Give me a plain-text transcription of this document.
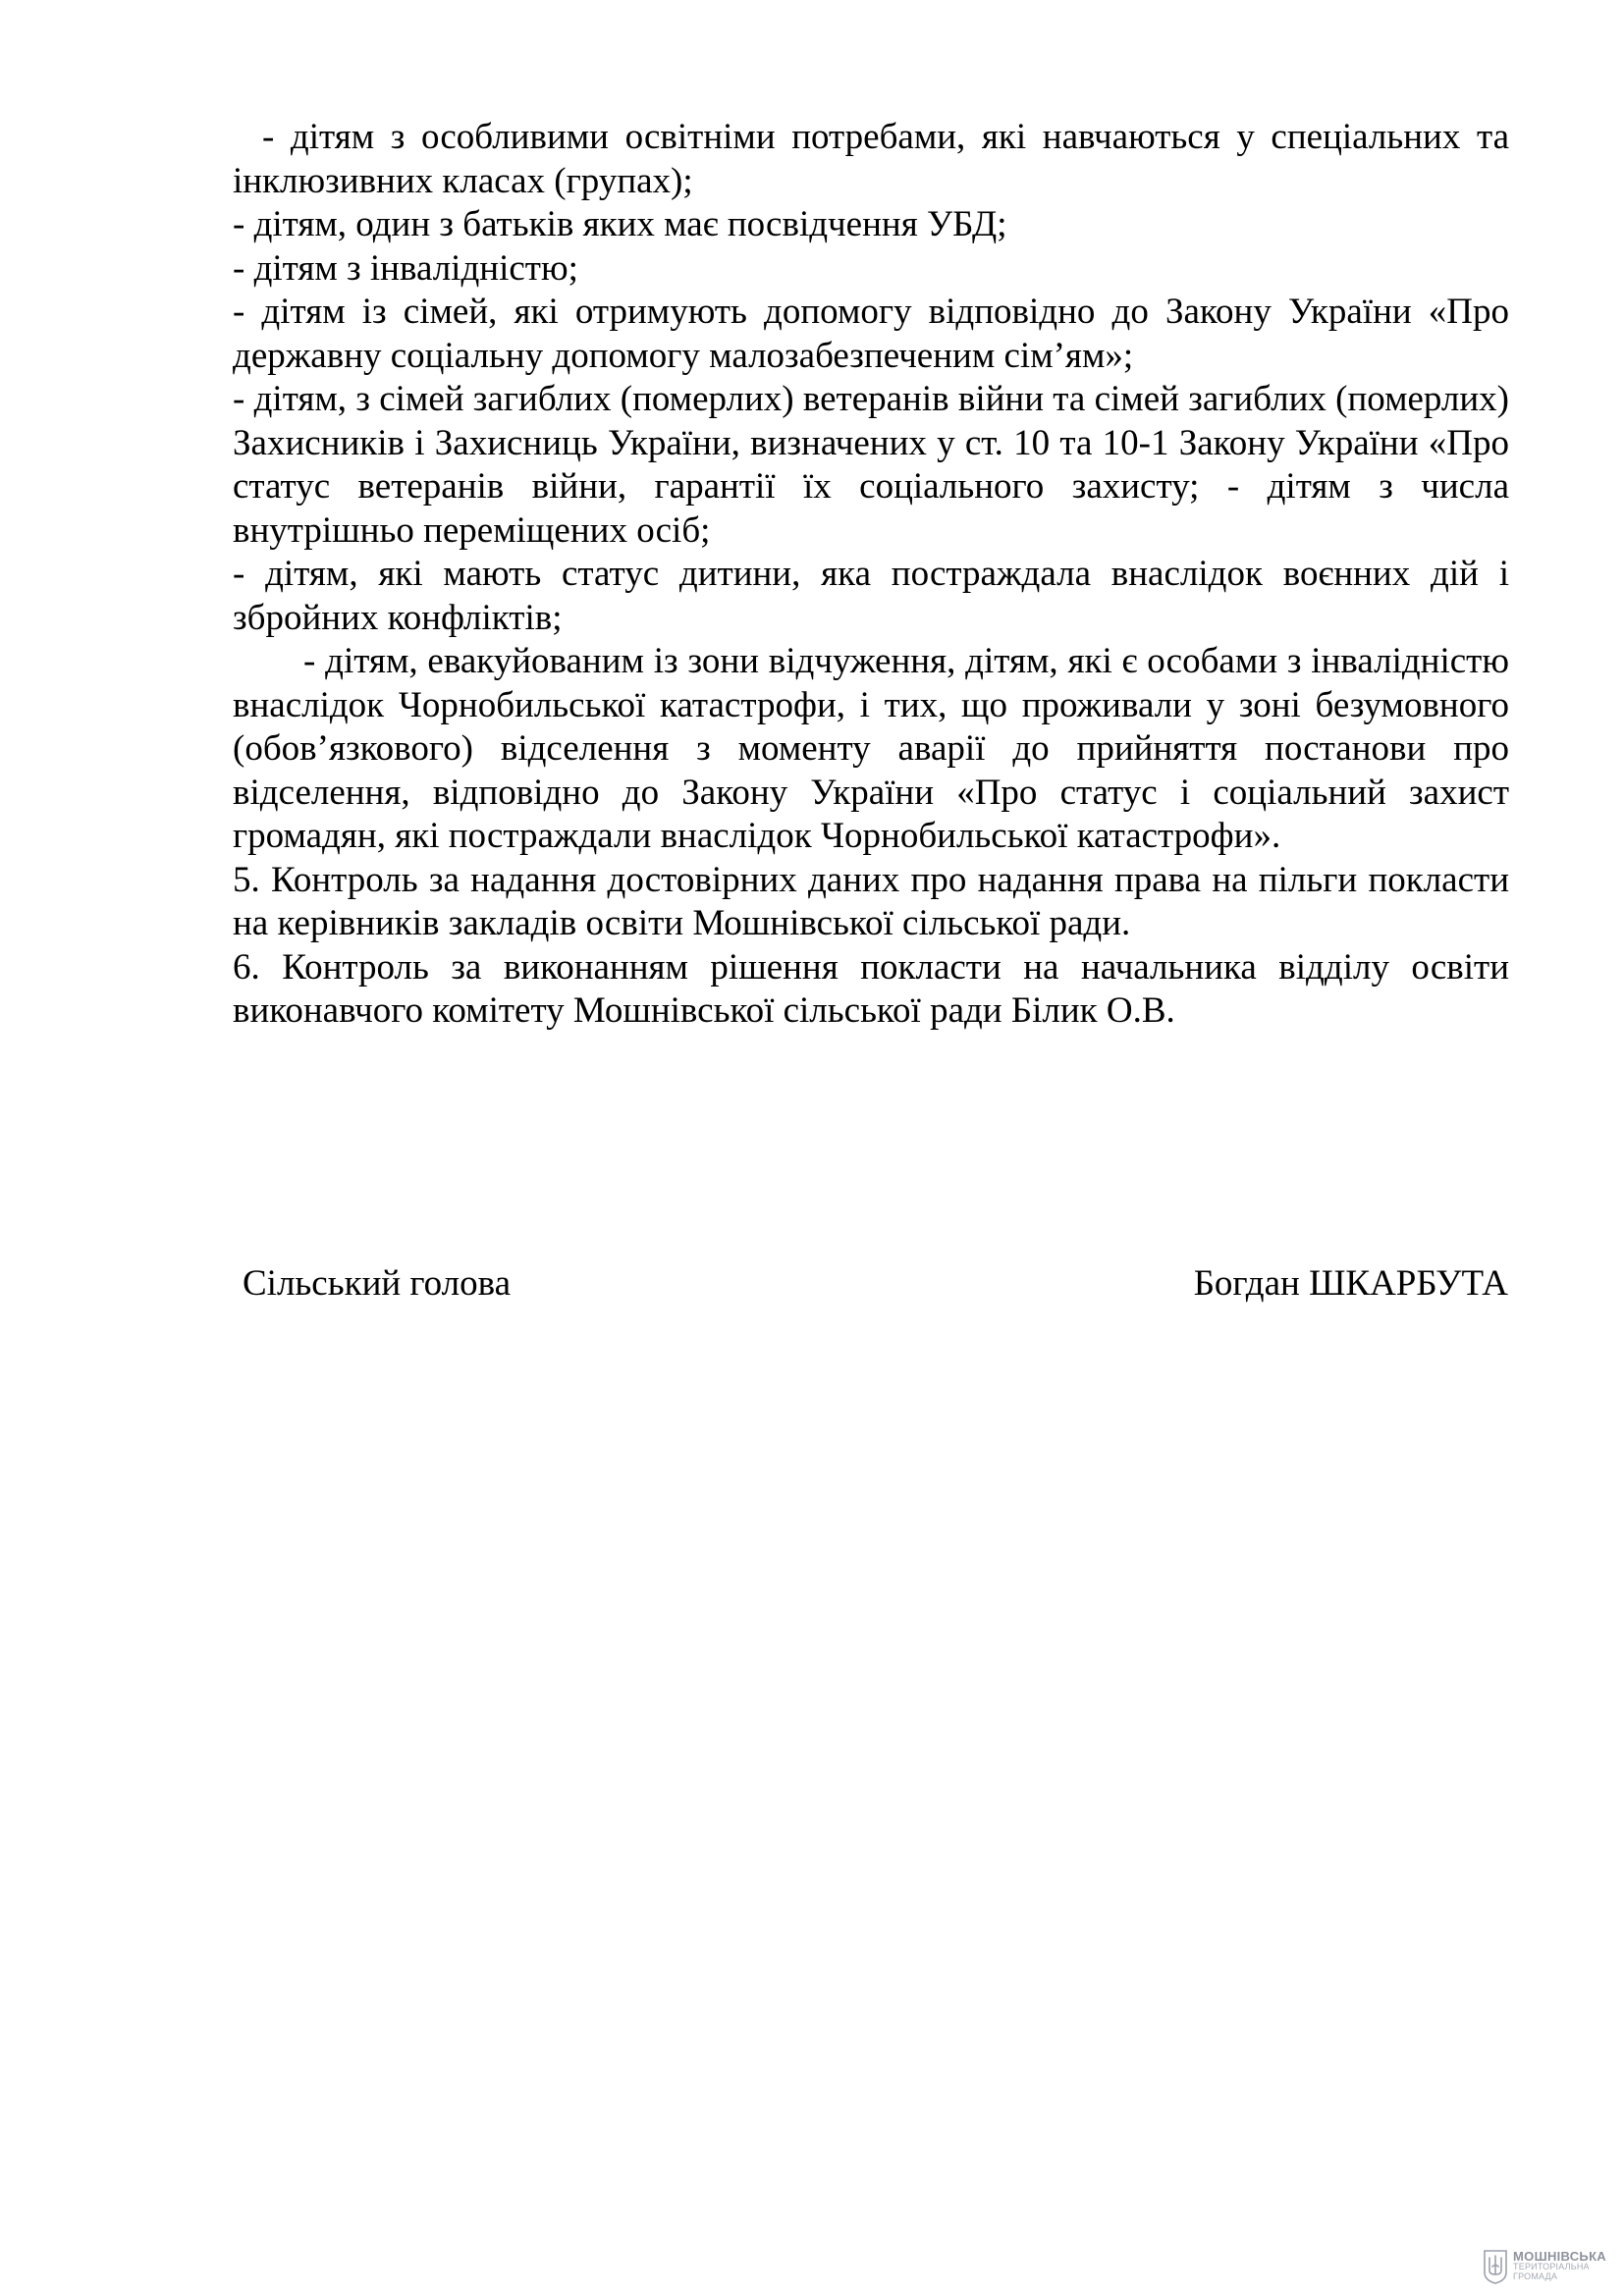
- дітям з особливими освітніми потребами, які навчаються у спеціальних та інклюзивних класах (групах);

- дітям, один з батьків яких має посвідчення УБД;

- дітям з інвалідністю;

- дітям із сімей, які отримують допомогу відповідно до Закону України «Про державну соціальну допомогу малозабезпеченим сім’ям»;

- дітям, з сімей загиблих (померлих) ветеранів війни та сімей загиблих (померлих) Захисників і Захисниць України, визначених у ст. 10 та 10-1 Закону України «Про статус ветеранів війни, гарантії їх соціального захисту; - дітям з числа внутрішньо переміщених осіб;

- дітям, які мають статус дитини, яка постраждала внаслідок воєнних дій і збройних конфліктів;

- дітям, евакуйованим із зони відчуження, дітям, які є особами з інвалідністю внаслідок Чорнобильської катастрофи, і тих, що проживали у зоні безумовного (обов’язкового) відселення з моменту аварії до прийняття постанови про відселення, відповідно до Закону України «Про статус і соціальний захист громадян, які постраждали внаслідок Чорнобильської катастрофи».

5. Контроль за надання достовірних даних про надання права на пільги покласти на керівників закладів освіти Мошнівської сільської ради.

6. Контроль за виконанням рішення покласти на начальника відділу освіти виконавчого комітету Мошнівської сільської ради Білик О.В.

Сільський голова	Богдан ШКАРБУТА
МОШНІВСЬКА
ТЕРИТОРІАЛЬНА
ГРОМАДА
